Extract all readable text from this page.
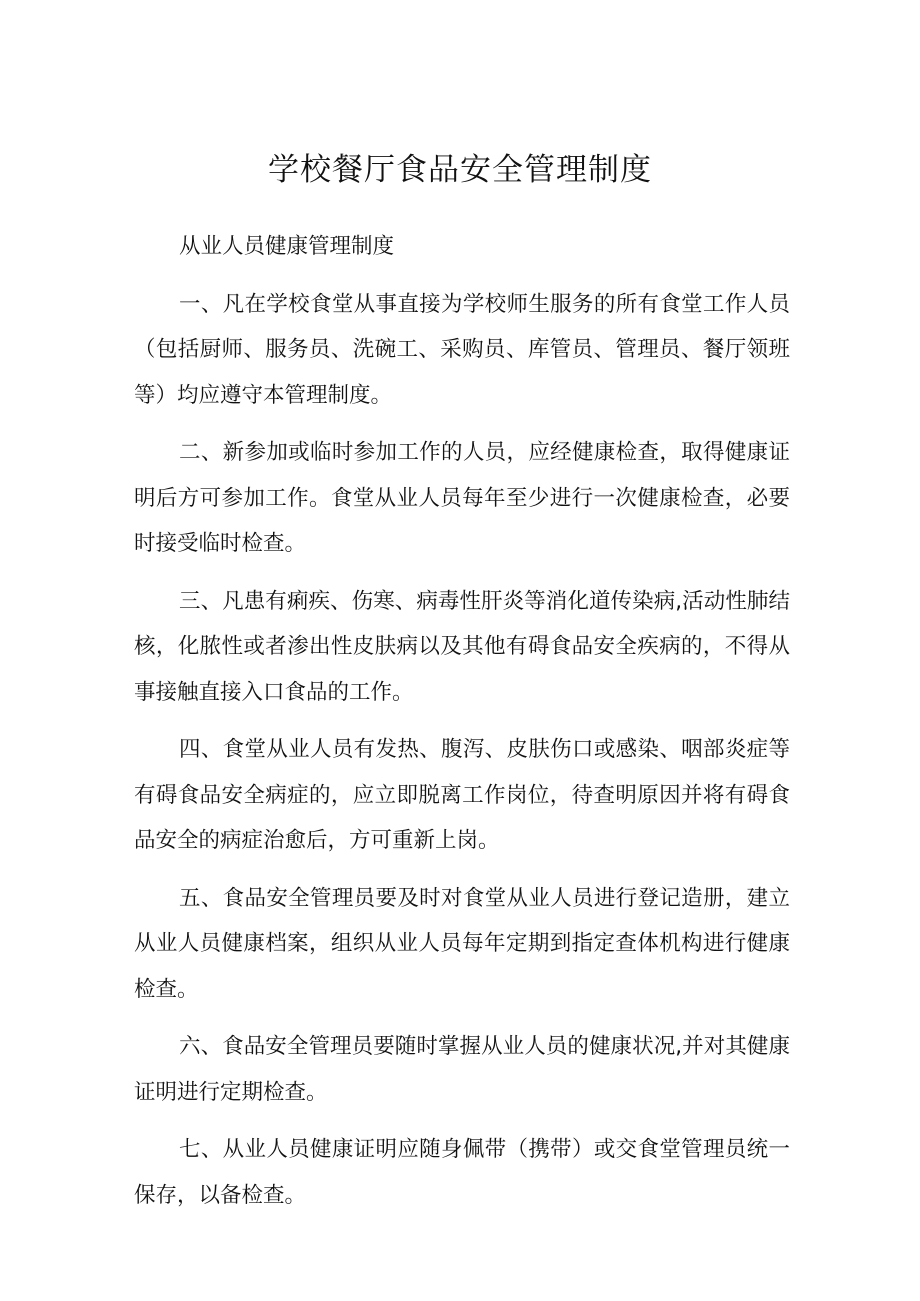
学校餐厅食品安全管理制度

从业人员健康管理制度

一、凡在学校食堂从事直接为学校师生服务的所有食堂工作人员（包括厨师、服务员、洗碗工、采购员、库管员、管理员、餐厅领班等）均应遵守本管理制度。

二、新参加或临时参加工作的人员，应经健康检查，取得健康证明后方可参加工作。食堂从业人员每年至少进行一次健康检查，必要时接受临时检查。

三、凡患有痢疾、伤寒、病毒性肝炎等消化道传染病,活动性肺结核，化脓性或者渗出性皮肤病以及其他有碍食品安全疾病的，不得从事接触直接入口食品的工作。

四、食堂从业人员有发热、腹泻、皮肤伤口或感染、咽部炎症等有碍食品安全病症的，应立即脱离工作岗位，待查明原因并将有碍食品安全的病症治愈后，方可重新上岗。

五、食品安全管理员要及时对食堂从业人员进行登记造册，建立从业人员健康档案，组织从业人员每年定期到指定查体机构进行健康检查。

六、食品安全管理员要随时掌握从业人员的健康状况,并对其健康证明进行定期检查。

七、从业人员健康证明应随身佩带（携带）或交食堂管理员统一保存，以备检查。
